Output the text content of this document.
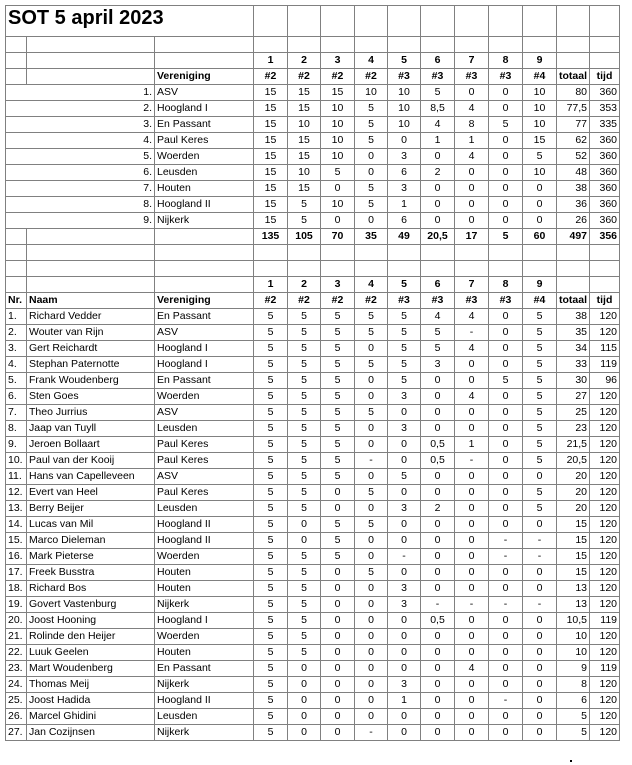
SOT 5 april 2023													

			1	2	3	4	5	6	7	8	9		
		Vereniging	#2	#2	#2	#2	#3	#3	#3	#3	#4	totaal	tijd
	1.	ASV	15	15	15	10	10	5	0	0	10	80	360
	2.	Hoogland I	15	15	10	5	10	8,5	4	0	10	77,5	353
	3.	En Passant	15	10	10	5	10	4	8	5	10	77	335
	4.	Paul Keres	15	15	10	5	0	1	1	0	15	62	360
	5.	Woerden	15	15	10	0	3	0	4	0	5	52	360
	6.	Leusden	15	10	5	0	6	2	0	0	10	48	360
	7.	Houten	15	15	0	5	3	0	0	0	0	38	360
	8.	Hoogland II	15	5	10	5	1	0	0	0	0	36	360
	9.	Nijkerk	15	5	0	0	6	0	0	0	0	26	360
			135	105	70	35	49	20,5	17	5	60	497	356

			1	2	3	4	5	6	7	8	9		
Nr.	Naam	Vereniging	#2	#2	#2	#2	#3	#3	#3	#3	#4	totaal	tijd
1.	Richard Vedder	En Passant	5	5	5	5	5	4	4	0	5	38	120
2.	Wouter van Rijn	ASV	5	5	5	5	5	5	-	0	5	35	120
3.	Gert Reichardt	Hoogland I	5	5	5	0	5	5	4	0	5	34	115
4.	Stephan Paternotte	Hoogland I	5	5	5	5	5	3	0	0	5	33	119
5.	Frank Woudenberg	En Passant	5	5	5	0	5	0	0	5	5	30	96
6.	Sten Goes	Woerden	5	5	5	0	3	0	4	0	5	27	120
7.	Theo Jurrius	ASV	5	5	5	5	0	0	0	0	5	25	120
8.	Jaap van Tuyll	Leusden	5	5	5	0	3	0	0	0	5	23	120
9.	Jeroen Bollaart	Paul Keres	5	5	5	0	0	0,5	1	0	5	21,5	120
10.	Paul van der Kooij	Paul Keres	5	5	5	-	0	0,5	-	0	5	20,5	120
11.	Hans van Capelleveen	ASV	5	5	5	0	5	0	0	0	0	20	120
12.	Evert van Heel	Paul Keres	5	5	0	5	0	0	0	0	5	20	120
13.	Berry Beijer	Leusden	5	5	0	0	3	2	0	0	5	20	120
14.	Lucas van Mil	Hoogland II	5	0	5	5	0	0	0	0	0	15	120
15.	Marco Dieleman	Hoogland II	5	0	5	0	0	0	0	-	-	15	120
16.	Mark Pieterse	Woerden	5	5	5	0	-	0	0	-	-	15	120
17.	Freek Busstra	Houten	5	5	0	5	0	0	0	0	0	15	120
18.	Richard Bos	Houten	5	5	0	0	3	0	0	0	0	13	120
19.	Govert Vastenburg	Nijkerk	5	5	0	0	3	-	-	-	-	13	120
20.	Joost Hooning	Hoogland I	5	5	0	0	0	0,5	0	0	0	10,5	119
21.	Rolinde den Heijer	Woerden	5	5	0	0	0	0	0	0	0	10	120
22.	Luuk Geelen	Houten	5	5	0	0	0	0	0	0	0	10	120
23.	Mart Woudenberg	En Passant	5	0	0	0	0	0	4	0	0	9	119
24.	Thomas Meij	Nijkerk	5	0	0	0	3	0	0	0	0	8	120
25.	Joost Hadida	Hoogland II	5	0	0	0	1	0	0	-	0	6	120
26.	Marcel Ghidini	Leusden	5	0	0	0	0	0	0	0	0	5	120
27.	Jan Cozijnsen	Nijkerk	5	0	0	-	0	0	0	0	0	5	120
